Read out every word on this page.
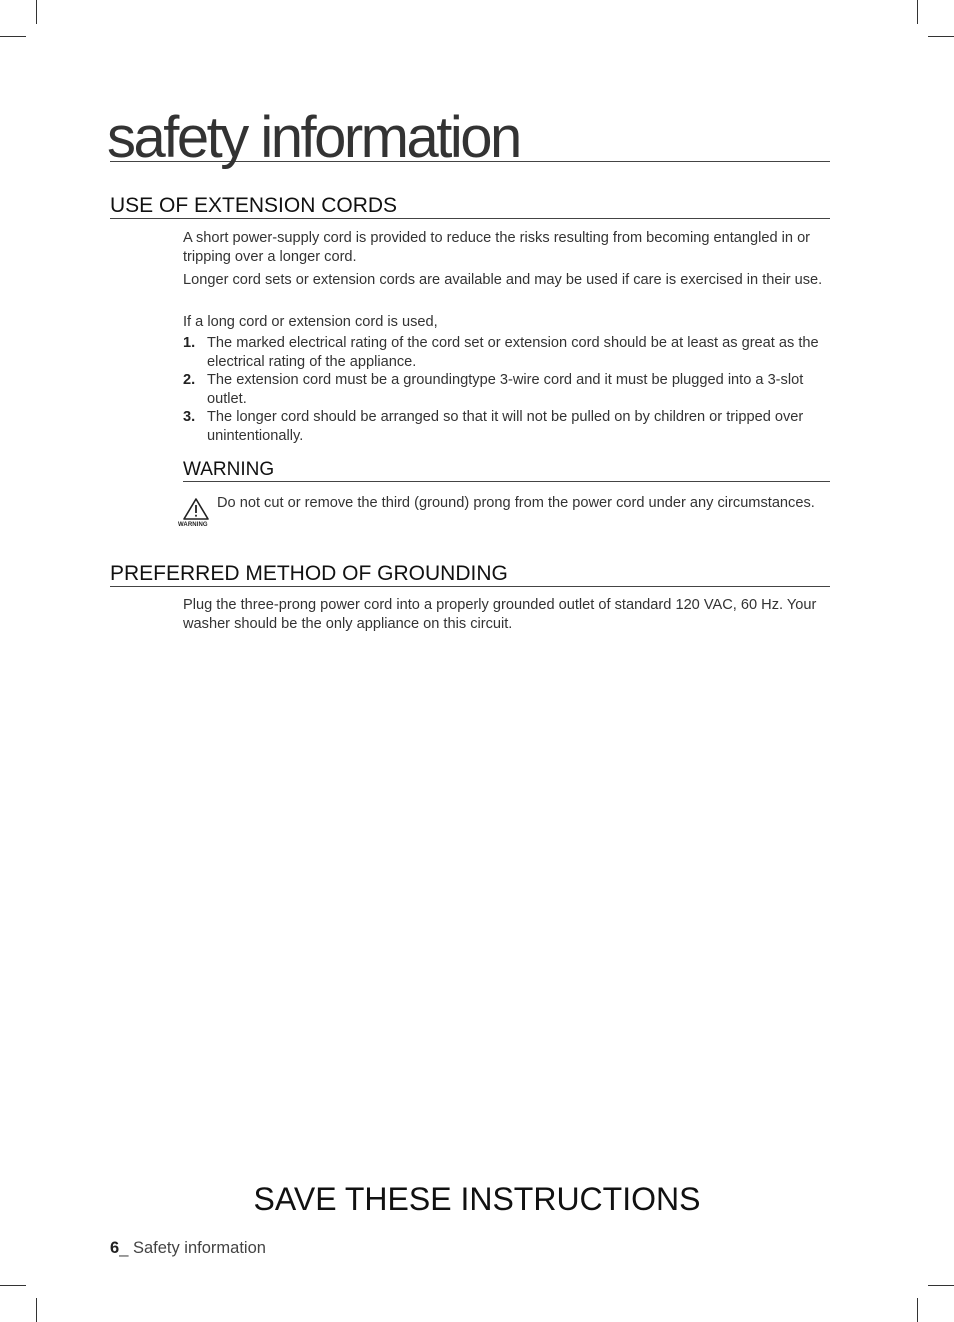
safety information
USE OF EXTENSION CORDS

A short power-supply cord is provided to reduce the risks resulting from becoming entangled in or tripping over a longer cord.

Longer cord sets or extension cords are available and may be used if care is exercised in their use.

If a long cord or extension cord is used,

1. The marked electrical rating of the cord set or extension cord should be at least as great as the electrical rating of the appliance.
2. The extension cord must be a groundingtype 3-wire cord and it must be plugged into a 3-slot outlet.
3. The longer cord should be arranged so that it will not be pulled on by children or tripped over unintentionally.
WARNING
WARNING

Do not cut or remove the third (ground) prong from the power cord under any circumstances.

PREFERRED METHOD OF GROUNDING

Plug the three-prong power cord into a properly grounded outlet of standard 120 VAC, 60 Hz. Your washer should be the only appliance on this circuit.

SAVE THESE INSTRUCTIONS
6_ Safety information
